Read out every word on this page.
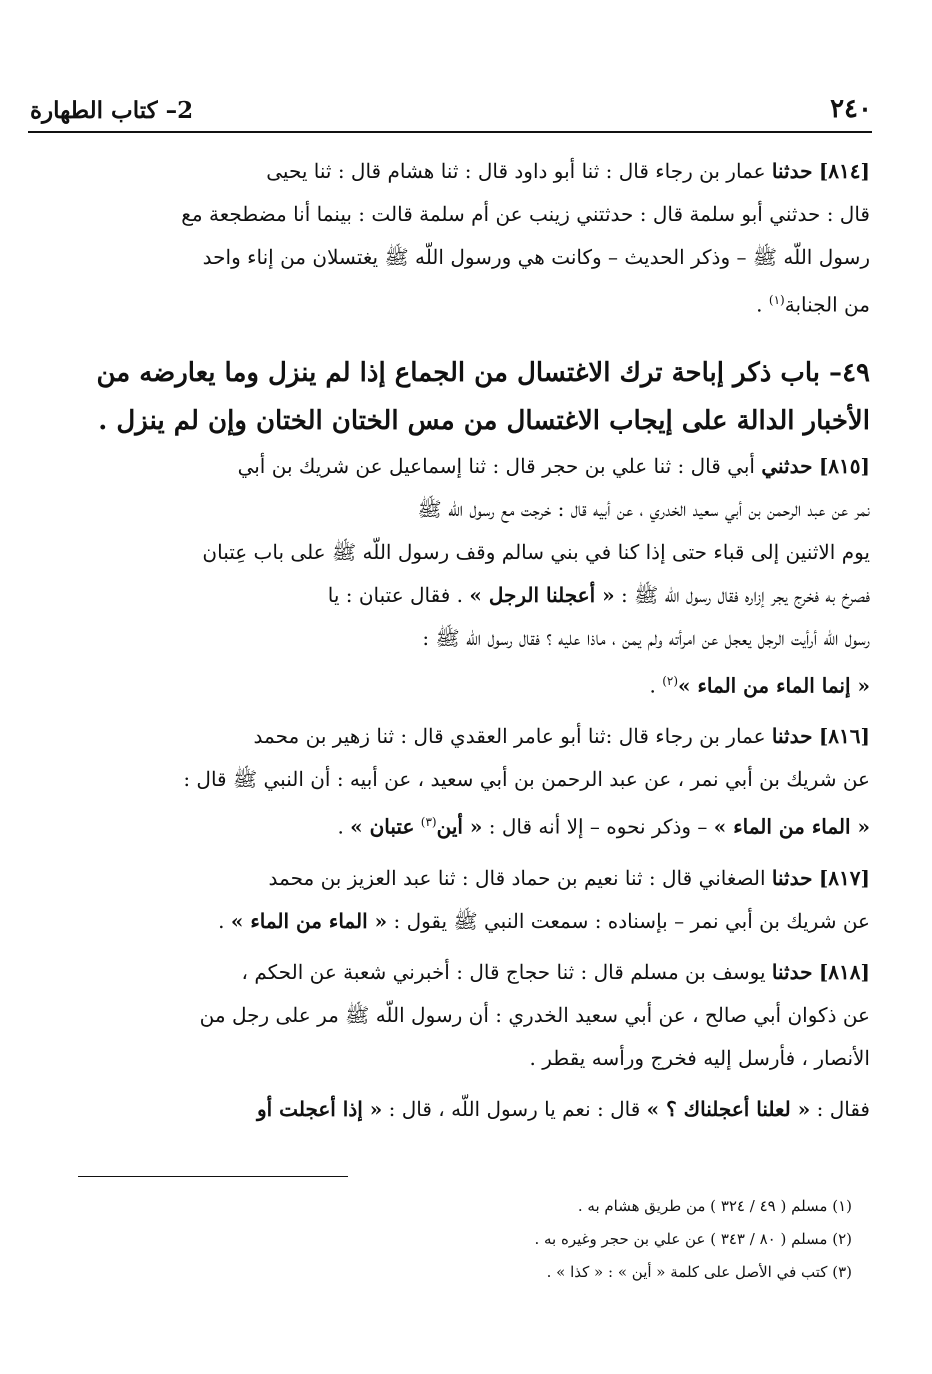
٢٤٠
2– كتاب الطهارة

[٨١٤] حدثنا عمار بن رجاء قال : ثنا أبو داود قال : ثنا هشام قال : ثنا يحيى

قال : حدثني أبو سلمة قال : حدثتني زينب عن أم سلمة قالت : بينما أنا مضطجعة مع

رسول اللّه ﷺ – وذكر الحديث – وكانت هي ورسول اللّه ﷺ يغتسلان من إناء واحد

من الجنابة$^{(١)}$ .

٤٩– باب ذكر إباحة ترك الاغتسال من الجماع إذا لم ينزل وما يعارضه من

الأخبار الدالة على إيجاب الاغتسال من مس الختان الختان وإن لم ينزل .

[٨١٥] حدثني أبي قال : ثنا علي بن حجر قال : ثنا إسماعيل عن شريك بن أبي

نمر عن عبد الرحمن بن أبي سعيد الخدري ، عن أبيه قال : خرجت مع رسول اللّه ﷺ

يوم الاثنين إلى قباء حتى إذا كنا في بني سالم وقف رسول اللّه ﷺ على باب عِتبان

فصرخ به فخرج يجر إزاره فقال رسول اللّه ﷺ : « أعجلنا الرجل » . فقال عتبان : يا

رسول اللّه أرأيت الرجل يعجل عن امرأته ولم يمن ، ماذا عليه ؟ فقال رسول اللّه ﷺ :

« إنما الماء من الماء »$^{(٢)}$ .

[٨١٦] حدثنا عمار بن رجاء قال :ثنا أبو عامر العقدي قال : ثنا زهير بن محمد

عن شريك بن أبي نمر ، عن عبد الرحمن بن أبي سعيد ، عن أبيه : أن النبي ﷺ قال :

« الماء من الماء » – وذكر نحوه – إلا أنه قال : « أين$^{(٣)}$ عتبان » .

[٨١٧] حدثنا الصغاني قال : ثنا نعيم بن حماد قال : ثنا عبد العزيز بن محمد

عن شريك بن أبي نمر – بإسناده : سمعت النبي ﷺ يقول : « الماء من الماء » .

[٨١٨] حدثنا يوسف بن مسلم قال : ثنا حجاج قال : أخبرني شعبة عن الحكم ،

عن ذكوان أبي صالح ، عن أبي سعيد الخدري : أن رسول اللّه ﷺ مر على رجل من

الأنصار ، فأرسل إليه فخرج ورأسه يقطر .

فقال : « لعلنا أعجلناك ؟ » قال : نعم يا رسول اللّه ، قال : « إذا أعجلت أو

(١) مسلم ( ٤٩ / ٣٢٤ ) من طريق هشام به .
(٢) مسلم ( ٨٠ / ٣٤٣ ) عن علي بن حجر وغيره به .
(٣) كتب في الأصل على كلمة « أين » : « كذا » .
